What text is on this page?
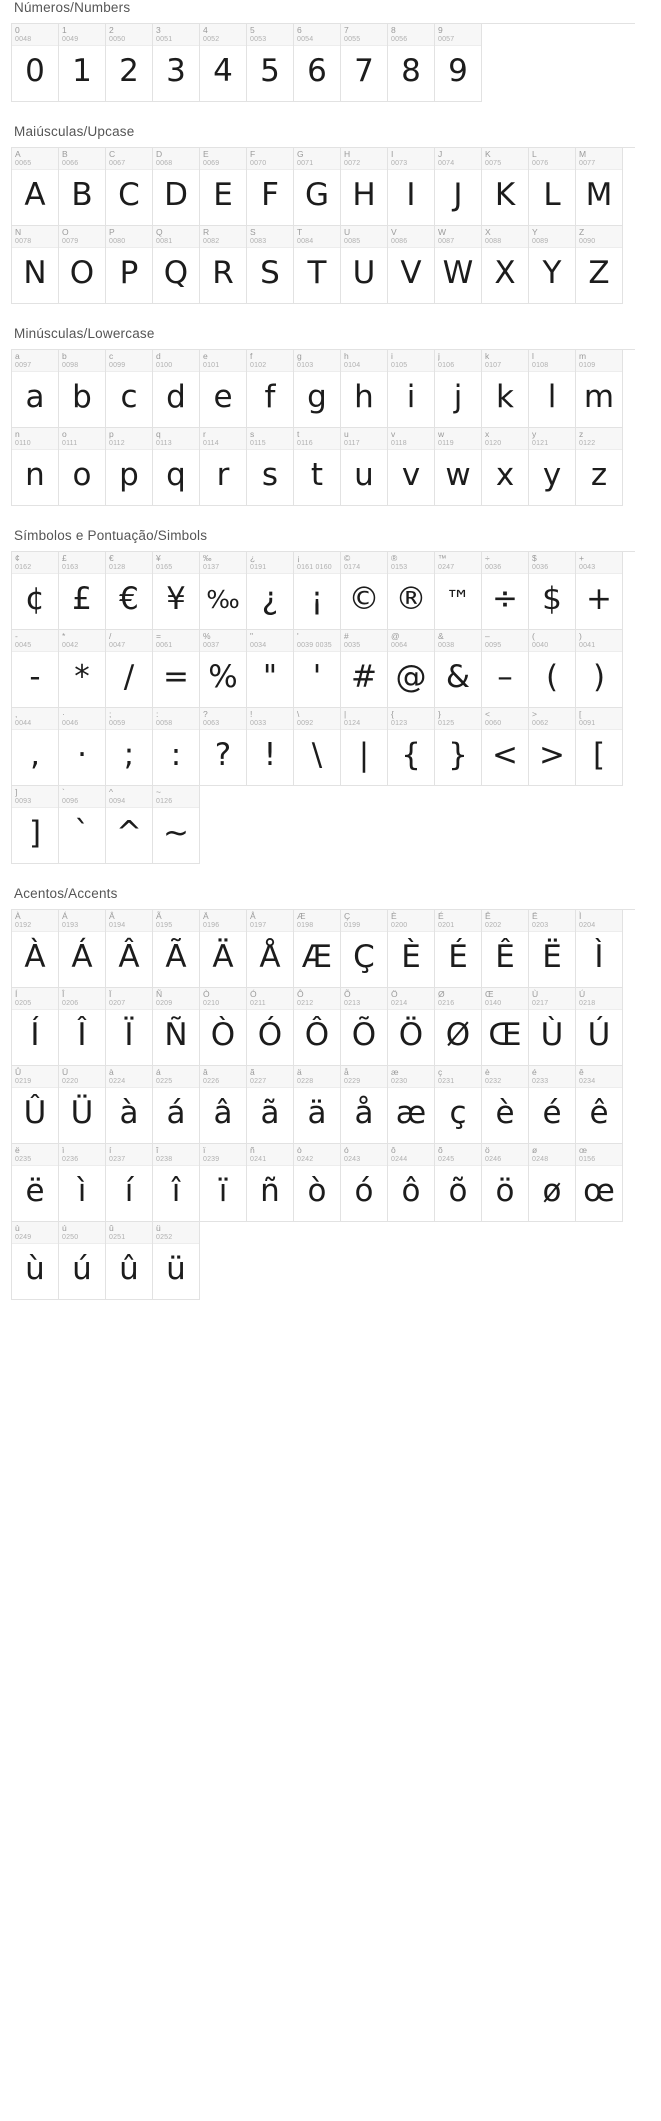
Números/Numbers
0
0048
0
1
0049
1
2
0050
2
3
0051
3
4
0052
4
5
0053
5
6
0054
6
7
0055
7
8
0056
8
9
0057
9
Maiúsculas/Upcase
A
0065
A
B
0066
B
C
0067
C
D
0068
D
E
0069
E
F
0070
F
G
0071
G
H
0072
H
I
0073
I
J
0074
J
K
0075
K
L
0076
L
M
0077
M
N
0078
N
O
0079
O
P
0080
P
Q
0081
Q
R
0082
R
S
0083
S
T
0084
T
U
0085
U
V
0086
V
W
0087
W
X
0088
X
Y
0089
Y
Z
0090
Z
Minúsculas/Lowercase
a
0097
a
b
0098
b
c
0099
c
d
0100
d
e
0101
e
f
0102
f
g
0103
g
h
0104
h
i
0105
i
j
0106
j
k
0107
k
l
0108
l
m
0109
m
n
0110
n
o
0111
o
p
0112
p
q
0113
q
r
0114
r
s
0115
s
t
0116
t
u
0117
u
v
0118
v
w
0119
w
x
0120
x
y
0121
y
z
0122
z
Símbolos e Pontuação/Simbols
¢
0162
¢
£
0163
£
€
0128
€
¥
0165
¥
‰
0137
‰
¿
0191
¿
¡
0161 0160
¡
©
0174
©
®
0153
®
™
0247
™
÷
0036
÷
$
0036
$
+
0043
+
-
0045
-
*
0042
*
/
0047
/
=
0061
=
%
0037
%
"
0034
"
'
0039 0035
'
#
0035
#
@
0064
@
&
0038
&
–
0095
–
(
0040
(
)
0041
)
,
0044
,
·
0046
·
;
0059
;
:
0058
:
?
0063
?
!
0033
!
\
0092
\
|
0124
|
{
0123
{
}
0125
}
<
0060
<
>
0062
>
[
0091
[
]
0093
]
`
0096
ˋ
^
0094
^
~
0126
~
Acentos/Accents
À
0192
À
Á
0193
Á
Â
0194
Â
Ã
0195
Ã
Ä
0196
Ä
Å
0197
Å
Æ
0198
Æ
Ç
0199
Ç
È
0200
È
É
0201
É
Ê
0202
Ê
Ë
0203
Ë
Ì
0204
Ì
Í
0205
Í
Î
0206
Î
Ï
0207
Ï
Ñ
0209
Ñ
Ò
0210
Ò
Ó
0211
Ó
Ô
0212
Ô
Õ
0213
Õ
Ö
0214
Ö
Ø
0216
Ø
Œ
0140
Œ
Ù
0217
Ù
Ú
0218
Ú
Û
0219
Û
Ü
0220
Ü
à
0224
à
á
0225
á
â
0226
â
ã
0227
ã
ä
0228
ä
å
0229
å
æ
0230
æ
ç
0231
ç
è
0232
è
é
0233
é
ê
0234
ê
ë
0235
ë
ì
0236
ì
í
0237
í
î
0238
î
ï
0239
ï
ñ
0241
ñ
ò
0242
ò
ó
0243
ó
ô
0244
ô
õ
0245
õ
ö
0246
ö
ø
0248
ø
œ
0156
œ
ù
0249
ù
ú
0250
ú
û
0251
û
ü
0252
ü
